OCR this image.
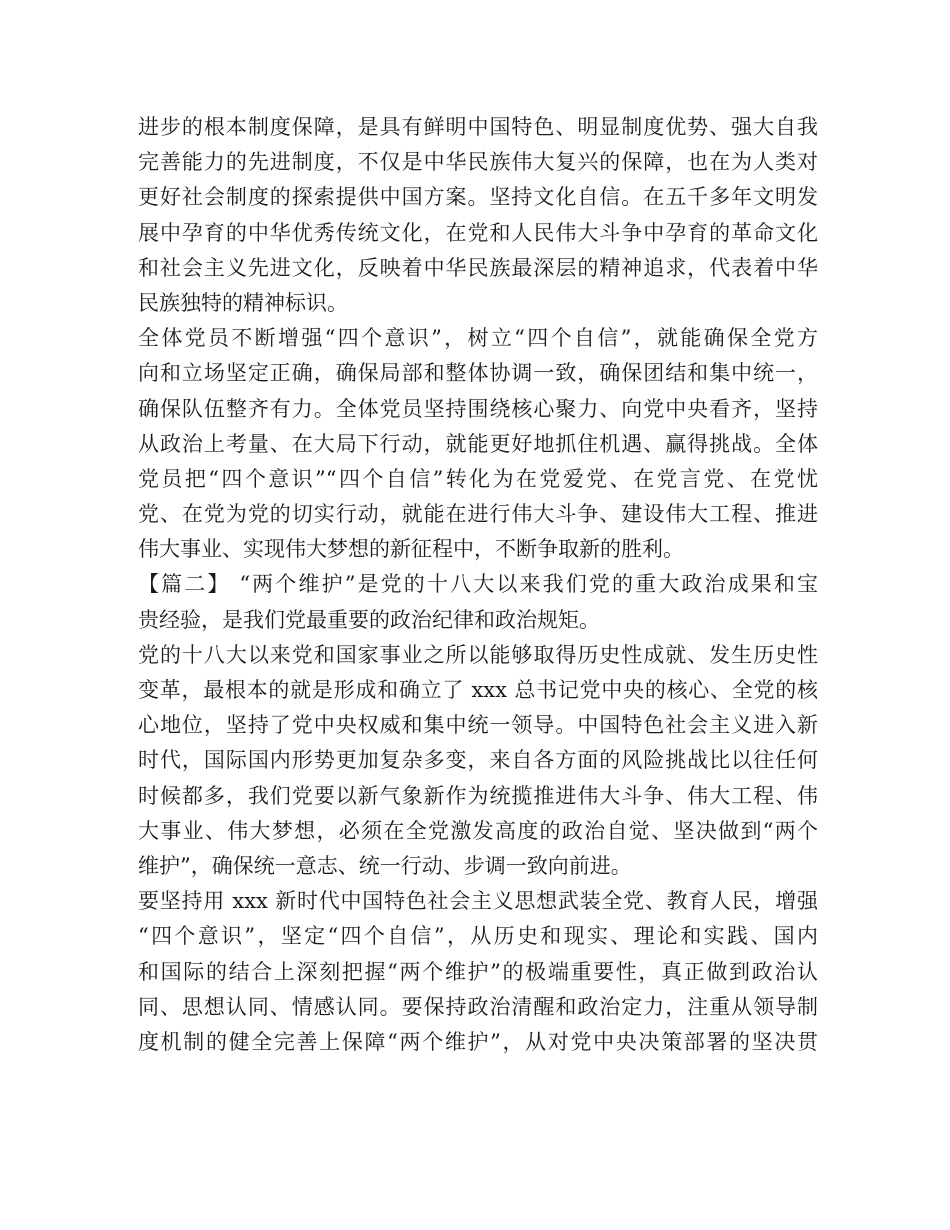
进步的根本制度保障，是具有鲜明中国特色、明显制度优势、强大自我
完善能力的先进制度，不仅是中华民族伟大复兴的保障，也在为人类对
更好社会制度的探索提供中国方案。坚持文化自信。在五千多年文明发
展中孕育的中华优秀传统文化，在党和人民伟大斗争中孕育的革命文化
和社会主义先进文化，反映着中华民族最深层的精神追求，代表着中华
民族独特的精神标识。
全体党员不断增强“四个意识”，树立“四个自信”，就能确保全党方
向和立场坚定正确，确保局部和整体协调一致，确保团结和集中统一，
确保队伍整齐有力。全体党员坚持围绕核心聚力、向党中央看齐，坚持
从政治上考量、在大局下行动，就能更好地抓住机遇、赢得挑战。全体
党员把“四个意识”“四个自信”转化为在党爱党、在党言党、在党忧
党、在党为党的切实行动，就能在进行伟大斗争、建设伟大工程、推进
伟大事业、实现伟大梦想的新征程中，不断争取新的胜利。
【篇二】 “两个维护”是党的十八大以来我们党的重大政治成果和宝
贵经验，是我们党最重要的政治纪律和政治规矩。
党的十八大以来党和国家事业之所以能够取得历史性成就、发生历史性
变革，最根本的就是形成和确立了 xxx 总书记党中央的核心、全党的核
心地位，坚持了党中央权威和集中统一领导。中国特色社会主义进入新
时代，国际国内形势更加复杂多变，来自各方面的风险挑战比以往任何
时候都多，我们党要以新气象新作为统揽推进伟大斗争、伟大工程、伟
大事业、伟大梦想，必须在全党激发高度的政治自觉、坚决做到“两个
维护”，确保统一意志、统一行动、步调一致向前进。
要坚持用 xxx 新时代中国特色社会主义思想武装全党、教育人民，增强
“四个意识”，坚定“四个自信”，从历史和现实、理论和实践、国内
和国际的结合上深刻把握“两个维护”的极端重要性，真正做到政治认
同、思想认同、情感认同。要保持政治清醒和政治定力，注重从领导制
度机制的健全完善上保障“两个维护”，从对党中央决策部署的坚决贯
